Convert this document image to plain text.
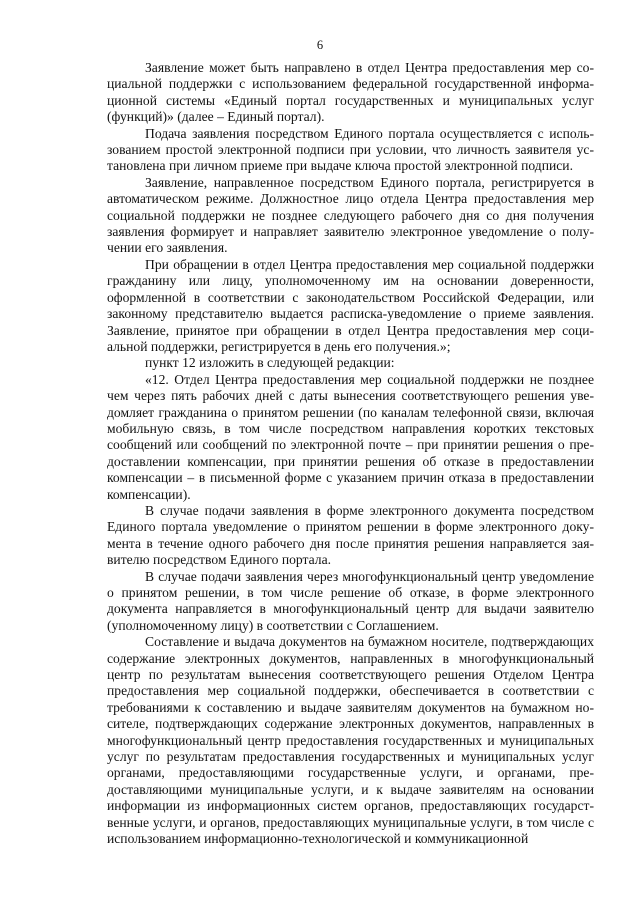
6

Заявление может быть направлено в отдел Центра предоставления мер социальной поддержки с использованием федеральной государственной информационной системы «Единый портал государственных и муниципальных услуг (функций)» (далее – Единый портал).

Подача заявления посредством Единого портала осуществляется с использованием простой электронной подписи при условии, что личность заявителя установлена при личном приеме при выдаче ключа простой электронной подписи.

Заявление, направленное посредством Единого портала, регистрируется в автоматическом режиме. Должностное лицо отдела Центра предоставления мер социальной поддержки не позднее следующего рабочего дня со дня получения заявления формирует и направляет заявителю электронное уведомление о получении его заявления.

При обращении в отдел Центра предоставления мер социальной поддержки гражданину или лицу, уполномоченному им на основании доверенности, оформленной в соответствии с законодательством Российской Федерации, или законному представителю выдается расписка-уведомление о приеме заявления. Заявление, принятое при обращении в отдел Центра предоставления мер социальной поддержки, регистрируется в день его получения.»;

пункт 12 изложить в следующей редакции:

«12. Отдел Центра предоставления мер социальной поддержки не позднее чем через пять рабочих дней с даты вынесения соответствующего решения уведомляет гражданина о принятом решении (по каналам телефонной связи, включая мобильную связь, в том числе посредством направления коротких текстовых сообщений или сообщений по электронной почте – при принятии решения о предоставлении компенсации, при принятии решения об отказе в предоставлении компенсации – в письменной форме с указанием причин отказа в предоставлении компенсации).

В случае подачи заявления в форме электронного документа посредством Единого портала уведомление о принятом решении в форме электронного документа в течение одного рабочего дня после принятия решения направляется заявителю посредством Единого портала.

В случае подачи заявления через многофункциональный центр уведомление о принятом решении, в том числе решение об отказе, в форме электронного документа направляется в многофункциональный центр для выдачи заявителю (уполномоченному лицу) в соответствии с Соглашением.

Составление и выдача документов на бумажном носителе, подтверждающих содержание электронных документов, направленных в многофункциональный центр по результатам вынесения соответствующего решения Отделом Центра предоставления мер социальной поддержки, обеспечивается в соответствии с требованиями к составлению и выдаче заявителям документов на бумажном носителе, подтверждающих содержание электронных документов, направленных в многофункциональный центр предоставления государственных и муниципальных услуг по результатам предоставления государственных и муниципальных услуг органами, предоставляющими государственные услуги, и органами, предоставляющими муниципальные услуги, и к выдаче заявителям на основании информации из информационных систем органов, предоставляющих государственные услуги, и органов, предоставляющих муниципальные услуги, в том числе с использованием информационно-технологической и коммуникационной
